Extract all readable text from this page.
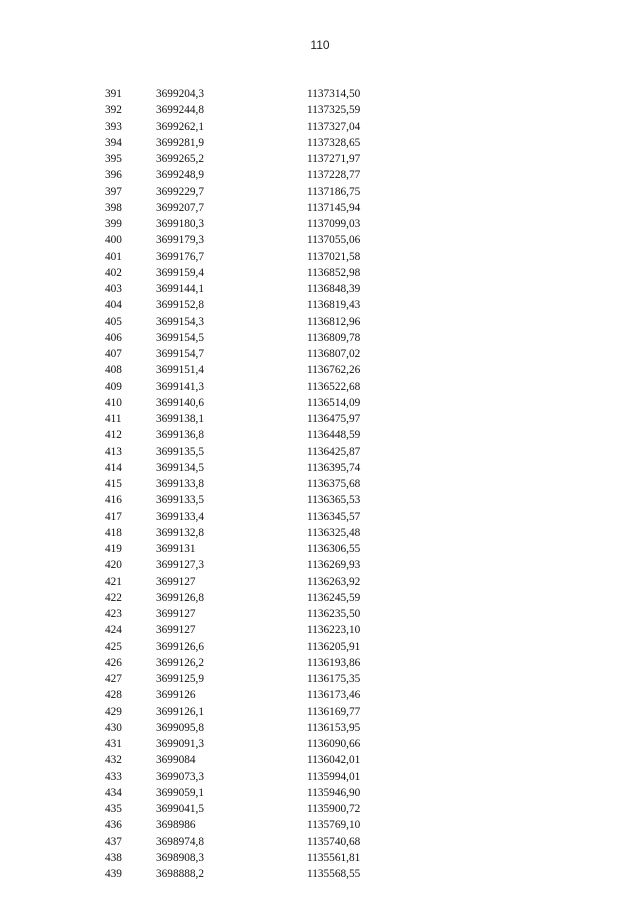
110
391	3699204,3	1137314,50
392	3699244,8	1137325,59
393	3699262,1	1137327,04
394	3699281,9	1137328,65
395	3699265,2	1137271,97
396	3699248,9	1137228,77
397	3699229,7	1137186,75
398	3699207,7	1137145,94
399	3699180,3	1137099,03
400	3699179,3	1137055,06
401	3699176,7	1137021,58
402	3699159,4	1136852,98
403	3699144,1	1136848,39
404	3699152,8	1136819,43
405	3699154,3	1136812,96
406	3699154,5	1136809,78
407	3699154,7	1136807,02
408	3699151,4	1136762,26
409	3699141,3	1136522,68
410	3699140,6	1136514,09
411	3699138,1	1136475,97
412	3699136,8	1136448,59
413	3699135,5	1136425,87
414	3699134,5	1136395,74
415	3699133,8	1136375,68
416	3699133,5	1136365,53
417	3699133,4	1136345,57
418	3699132,8	1136325,48
419	3699131	1136306,55
420	3699127,3	1136269,93
421	3699127	1136263,92
422	3699126,8	1136245,59
423	3699127	1136235,50
424	3699127	1136223,10
425	3699126,6	1136205,91
426	3699126,2	1136193,86
427	3699125,9	1136175,35
428	3699126	1136173,46
429	3699126,1	1136169,77
430	3699095,8	1136153,95
431	3699091,3	1136090,66
432	3699084	1136042,01
433	3699073,3	1135994,01
434	3699059,1	1135946,90
435	3699041,5	1135900,72
436	3698986	1135769,10
437	3698974,8	1135740,68
438	3698908,3	1135561,81
439	3698888,2	1135568,55
